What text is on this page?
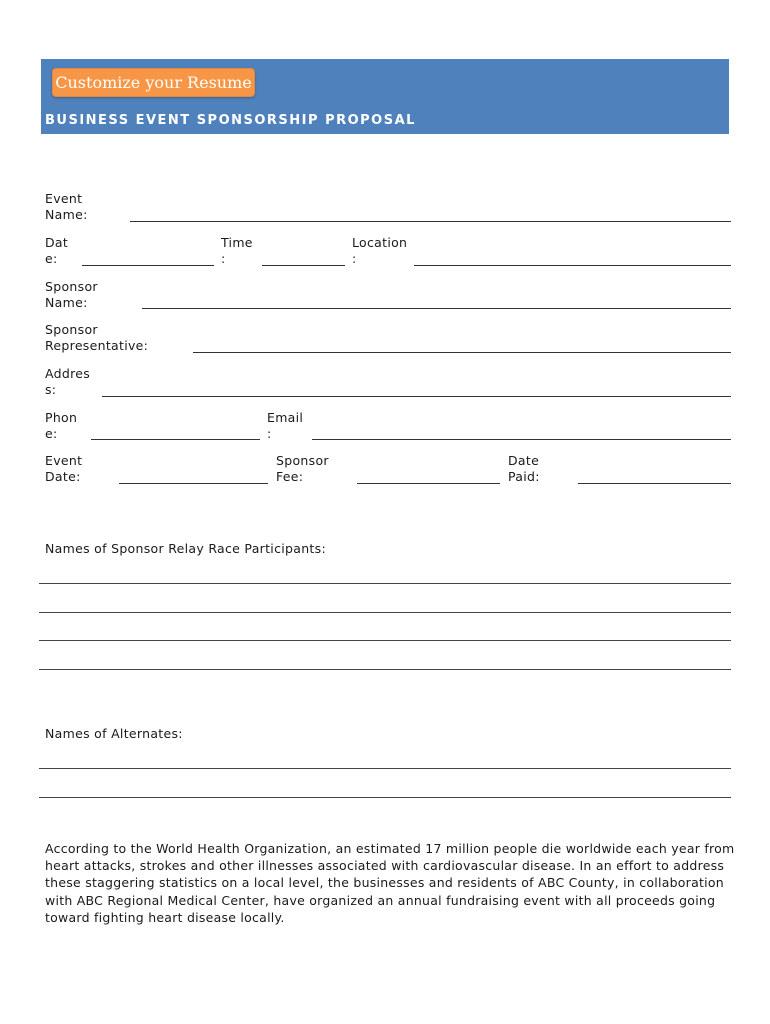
Customize your Resume
BUSINESS EVENT SPONSORSHIP PROPOSAL
Event
Name:
Dat
e:
Time
:
Location
:
Sponsor
Name:
Sponsor
Representative:
Addres
s:
Phon
e:
Email
:
Event
Date:
Sponsor
Fee:
Date
Paid:
Names of Sponsor Relay Race Participants:
Names of Alternates:
According to the World Health Organization, an estimated 17 million people die worldwide each year from heart attacks, strokes and other illnesses associated with cardiovascular disease. In an effort to address these staggering statistics on a local level, the businesses and residents of ABC County, in collaboration with ABC Regional Medical Center, have organized an annual fundraising event with all proceeds going toward fighting heart disease locally.
